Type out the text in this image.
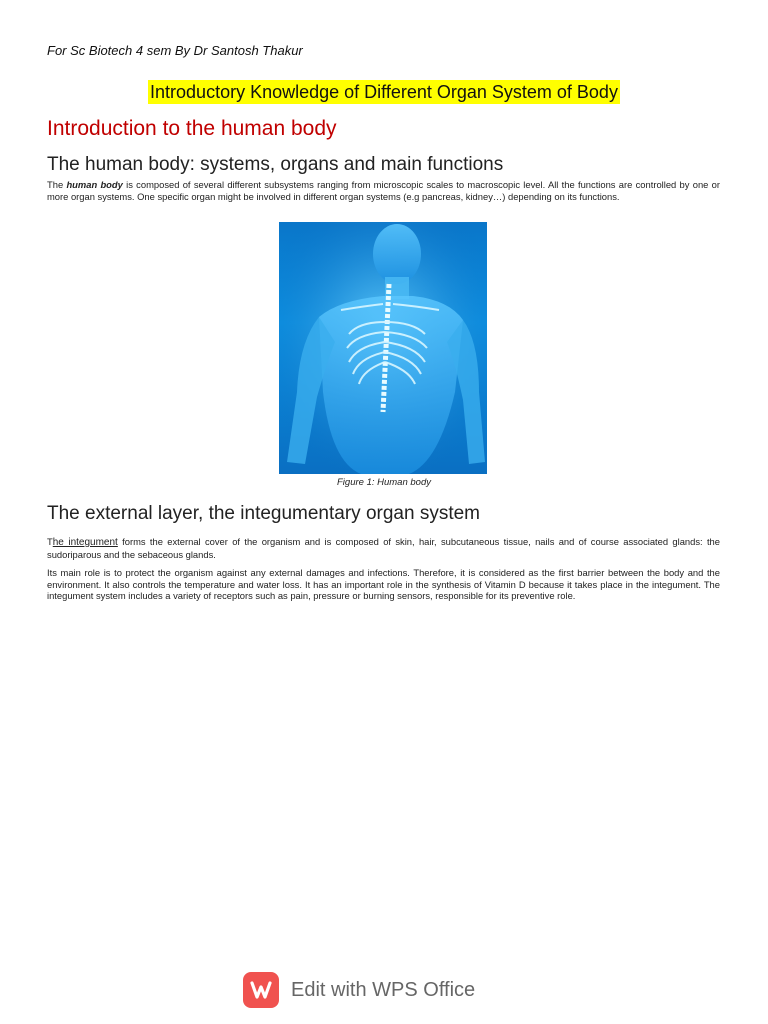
For Sc Biotech 4 sem By Dr Santosh Thakur
Introductory Knowledge of Different Organ System of Body
Introduction to the human body
The human body: systems, organs and main functions
The human body is composed of several different subsystems ranging from microscopic scales to macroscopic level. All the functions are controlled by one or more organ systems. One specific organ might be involved in different organ systems (e.g pancreas, kidney…) depending on its functions.
Figure 1: Human body
The external layer, the integumentary organ system
The integument forms the external cover of the organism and is composed of skin, hair, subcutaneous tissue, nails and of course associated glands: the sudoriparous and the sebaceous glands.
Its main role is to protect the organism against any external damages and infections. Therefore, it is considered as the first barrier between the body and the environment. It also controls the temperature and water loss. It has an important role in the synthesis of Vitamin D because it takes place in the integument. The integument system includes a variety of receptors such as pain, pressure or burning sensors, responsible for its preventive role.
Edit with WPS Office
